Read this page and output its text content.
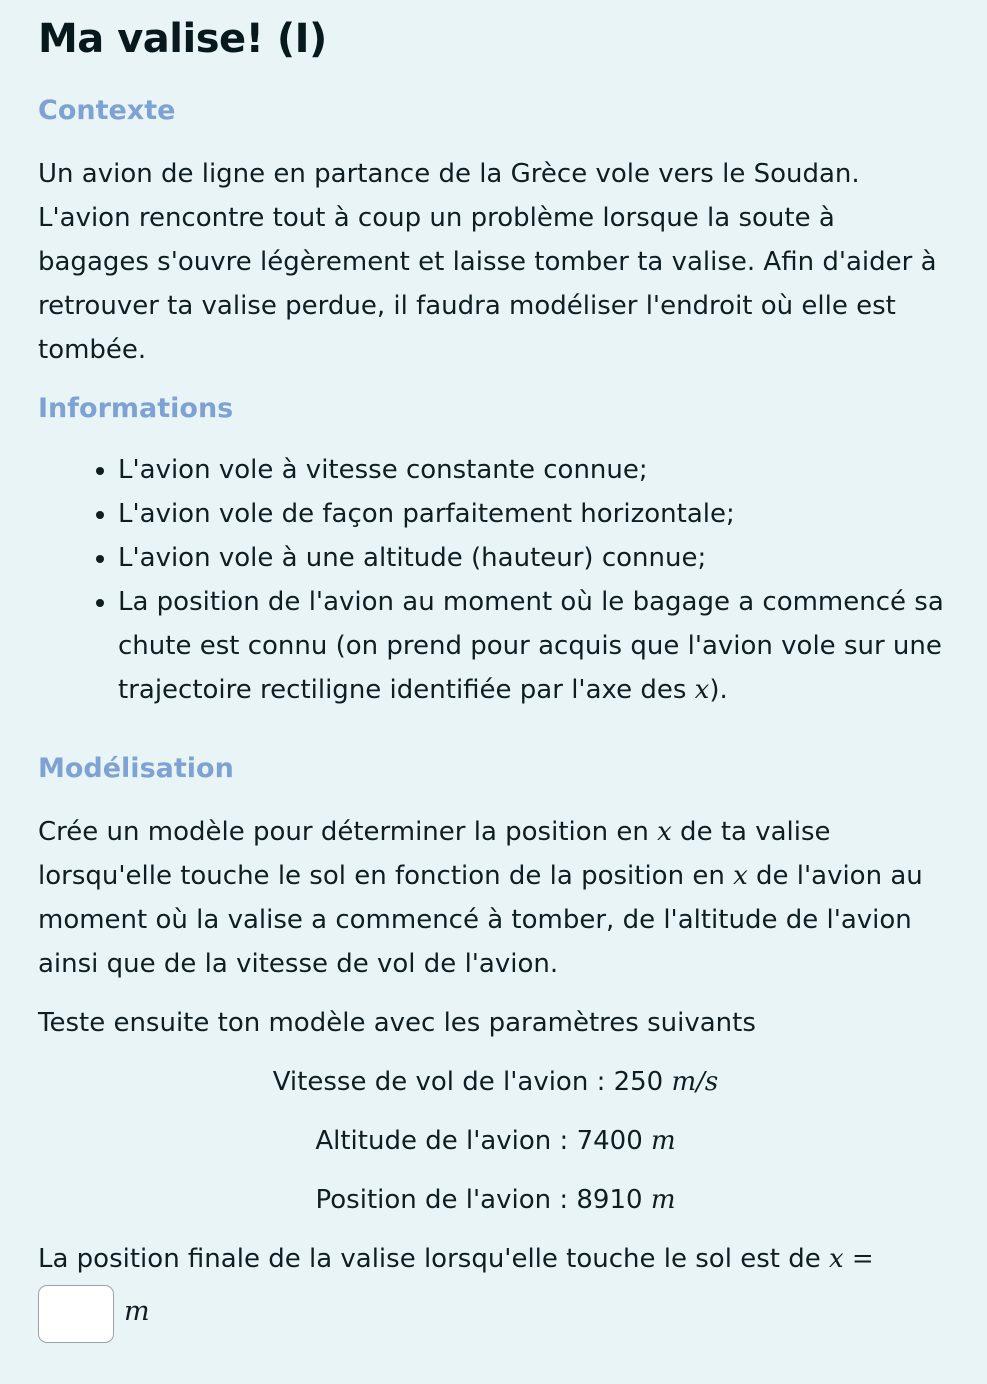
Ma valise! (I)
Contexte

Un avion de ligne en partance de la Grèce vole vers le Soudan. L'avion rencontre tout à coup un problème lorsque la soute à bagages s'ouvre légèrement et laisse tomber ta valise. Afin d'aider à retrouver ta valise perdue, il faudra modéliser l'endroit où elle est tombée.

Informations
• L'avion vole à vitesse constante connue;
• L'avion vole de façon parfaitement horizontale;
• L'avion vole à une altitude (hauteur) connue;
• La position de l'avion au moment où le bagage a commencé sa chute est connu (on prend pour acquis que l'avion vole sur une trajectoire rectiligne identifiée par l'axe des x).
Modélisation

Crée un modèle pour déterminer la position en x de ta valise lorsqu'elle touche le sol en fonction de la position en x de l'avion au moment où la valise a commencé à tomber, de l'altitude de l'avion ainsi que de la vitesse de vol de l'avion.

Teste ensuite ton modèle avec les paramètres suivants

Vitesse de vol de l'avion : 250 m/s
Altitude de l'avion : 7400 m
Position de l'avion : 8910 m

La position finale de la valise lorsqu'elle touche le sol est de x =

m
